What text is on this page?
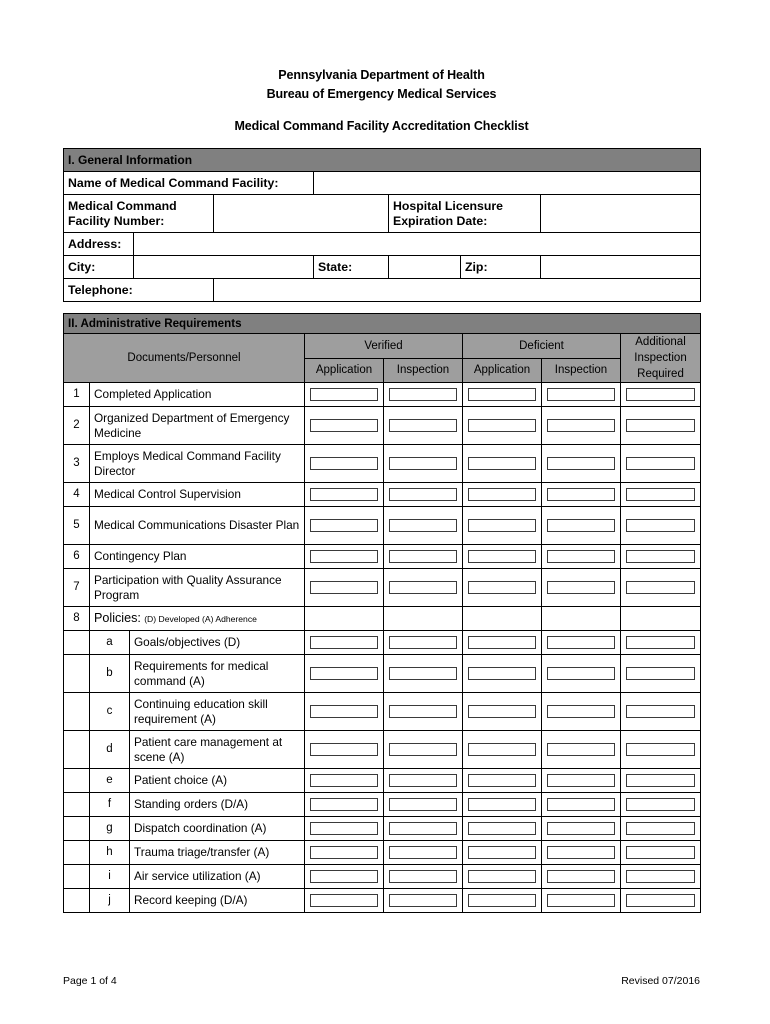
Pennsylvania Department of Health
Bureau of Emergency Medical Services
Medical Command Facility Accreditation Checklist
I. General Information						
Name of Medical Command Facility:						
Medical Command Facility Number:				Hospital Licensure Expiration Date:		
Address:						
City:			State:		Zip:	
Telephone:						
II. Administrative Requirements							
Documents/Personnel			Verified		Deficient		Additional Inspection Required
			Application	Inspection	Application	Inspection	
1	Completed Application		

2	Organized Department of Emergency Medicine		

3	Employs Medical Command Facility Director		

4	Medical Control Supervision		

5	Medical Communications Disaster Plan		

6	Contingency Plan		

7	Participation with Quality Assurance Program		

8	Policies: (D) Developed (A) Adherence						
	a	Goals/objectives (D)	

	b	Requirements for medical command (A)	

	c	Continuing education skill requirement (A)	

	d	Patient care management at scene (A)	

	e	Patient choice (A)	

	f	Standing orders (D/A)	

	g	Dispatch coordination (A)	

	h	Trauma triage/transfer (A)	

	i	Air service utilization (A)	

	j	Record keeping (D/A)	

Page 1 of 4	Revised 07/2016
